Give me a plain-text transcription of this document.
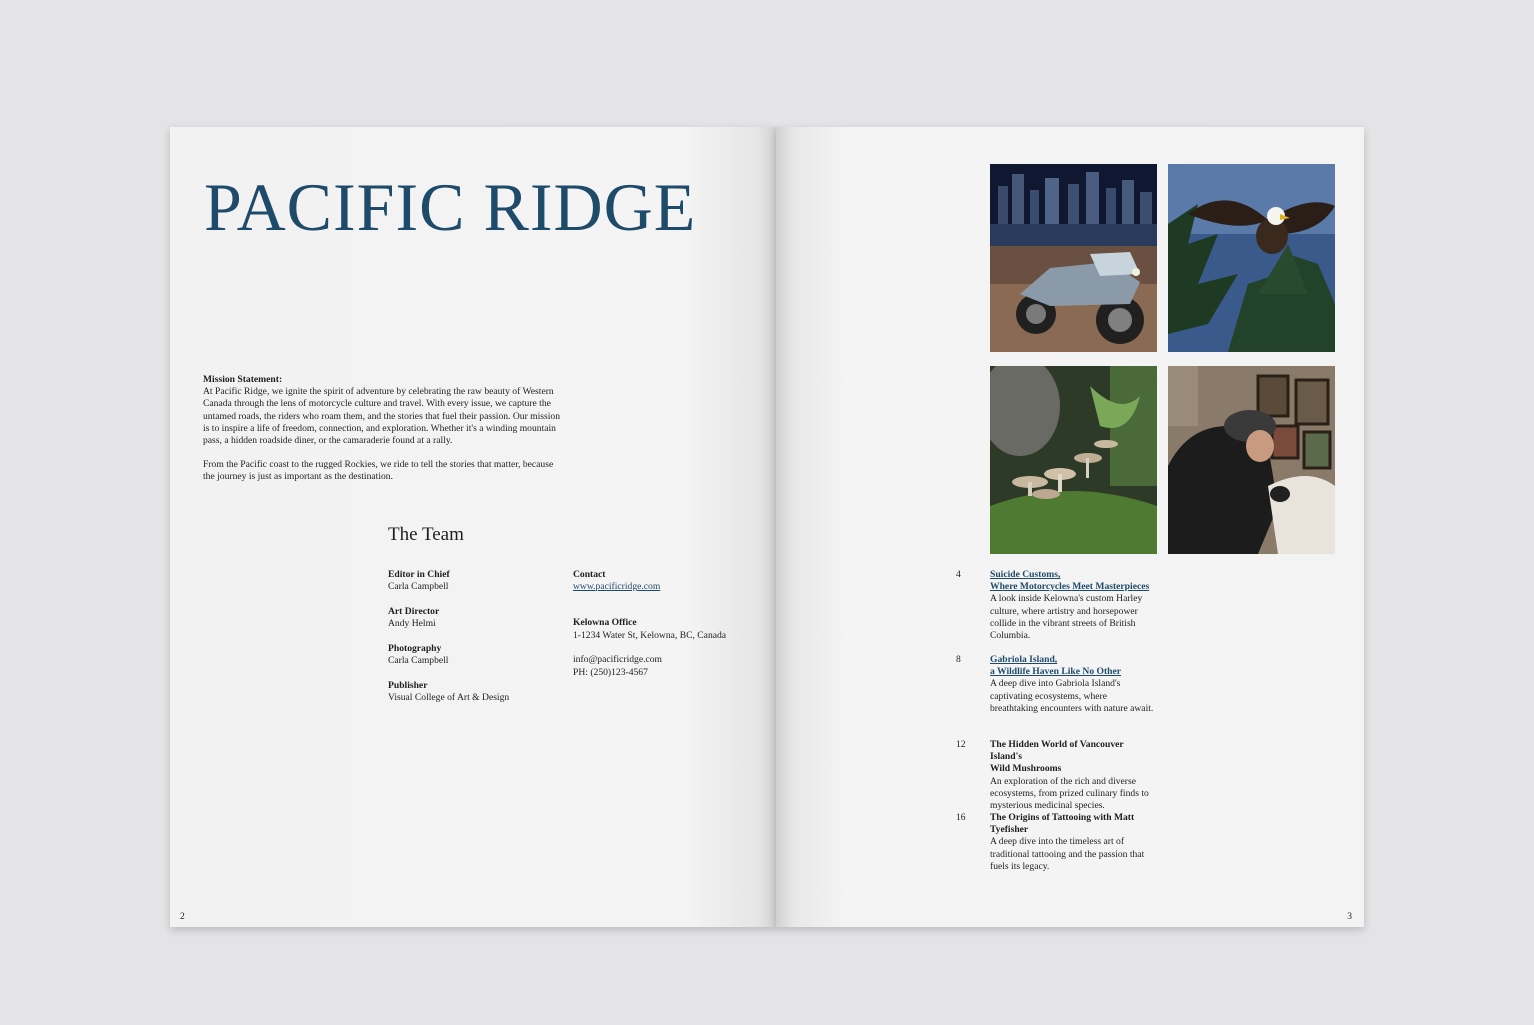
PACIFIC RIDGE
Mission Statement:

At Pacific Ridge, we ignite the spirit of adventure by celebrating the raw beauty of Western Canada through the lens of motorcycle culture and travel. With every issue, we capture the untamed roads, the riders who roam them, and the stories that fuel their passion. Our mission is to inspire a life of freedom, connection, and exploration. Whether it's a winding mountain pass, a hidden roadside diner, or the camaraderie found at a rally.

From the Pacific coast to the rugged Rockies, we ride to tell the stories that matter, because the journey is just as important as the destination.

The Team
Editor in Chief
Carla Campbell
Art Director
Andy Helmi
Photography
Carla Campbell
Publisher
Visual College of Art & Design
Contact
www.pacificridge.com
Kelowna Office
1-1234 Water St, Kelowna, BC, Canada
info@pacificridge.com
PH: (250)123-4567
2
4	Suicide Customs,
Where Motorcycles Meet Masterpieces
A look inside Kelowna's custom Harley culture, where artistry and horsepower collide in the vibrant streets of British Columbia.
8	Gabriola Island,
a Wildlife Haven Like No Other
A deep dive into Gabriola Island's captivating ecosystems, where breathtaking encounters with nature await.
12	The Hidden World of Vancouver Island's
Wild Mushrooms
An exploration of the rich and diverse ecosystems, from prized culinary finds to mysterious medicinal species.
16	The Origins of Tattooing with Matt
Tyefisher
A deep dive into the timeless art of traditional tattooing and the passion that fuels its legacy.
3
